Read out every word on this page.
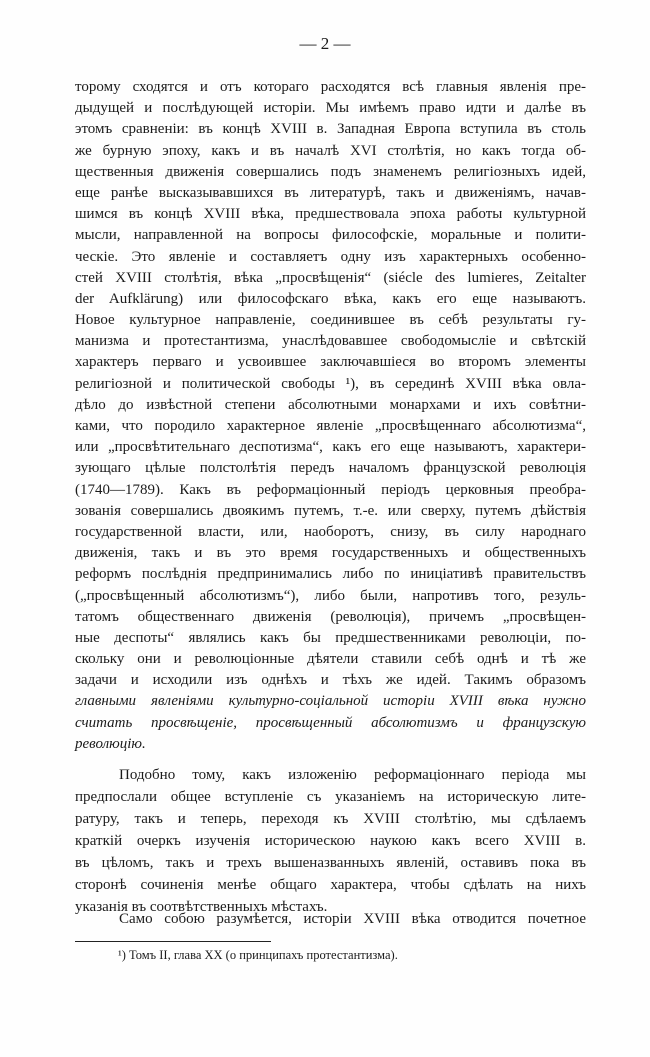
— 2 —
торому сходятся и отъ котораго расходятся всѣ главныя явленія пре-
дыдущей и послѣдующей исторіи. Мы имѣемъ право идти и далѣе въ
этомъ сравненіи: въ концѣ XVIII в. Западная Европа вступила въ столь
же бурную эпоху, какъ и въ началѣ XVI столѣтія, но какъ тогда об-
щественныя движенія совершались подъ знаменемъ религіозныхъ идей,
еще ранѣе высказывавшихся въ литературѣ, такъ и движеніямъ, начав-
шимся въ концѣ XVIII вѣка, предшествовала эпоха работы культурной
мысли, направленной на вопросы философскіе, моральные и полити-
ческіе. Это явленіе и составляетъ одну изъ характерныхъ особенно-
стей XVIII столѣтія, вѣка „просвѣщенія“ (siécle des lumieres, Zeitalter
der Aufklärung) или философскаго вѣка, какъ его еще называютъ.
Новое культурное направленіе, соединившее въ себѣ результаты гу-
манизма и протестантизма, унаслѣдовавшее свободомысліе и свѣтскій
характеръ перваго и усвоившее заключавшіеся во второмъ элементы
религіозной и политической свободы ¹), въ серединѣ XVIII вѣка овла-
дѣло до извѣстной степени абсолютными монархами и ихъ совѣтни-
ками, что породило характерное явленіе „просвѣщеннаго абсолютизма“,
или „просвѣтительнаго деспотизма“, какъ его еще называютъ, характери-
зующаго цѣлые полстолѣтія передъ началомъ французской революція
(1740—1789). Какъ въ реформаціонный періодъ церковныя преобра-
зованія совершались двоякимъ путемъ, т.-е. или сверху, путемъ дѣйствія
государственной власти, или, наоборотъ, снизу, въ силу народнаго
движенія, такъ и въ это время государственныхъ и общественныхъ
реформъ послѣднія предпринимались либо по иниціативѣ правительствъ
(„просвѣщенный абсолютизмъ“), либо были, напротивъ того, резуль-
татомъ общественнаго движенія (революція), причемъ „просвѣщен-
ные деспоты“ являлись какъ бы предшественниками революціи, по-
скольку они и революціонные дѣятели ставили себѣ однѣ и тѣ же
задачи и исходили изъ однѣхъ и тѣхъ же идей. Такимъ образомъ
главными явленіями культурно-соціальной исторіи XVIII вѣка нужно
считать просвѣщеніе, просвѣщенный абсолютизмъ и французскую
революцію.
Подобно тому, какъ изложенію реформаціоннаго періода мы
предпослали общее вступленіе съ указаніемъ на историческую лите-
ратуру, такъ и теперь, переходя къ XVIII столѣтію, мы сдѣлаемъ
краткій очеркъ изученія историческою наукою какъ всего XVIII в.
въ цѣломъ, такъ и трехъ вышеназванныхъ явленій, оставивъ пока въ
сторонѣ сочиненія менѣе общаго характера, чтобы сдѣлать на нихъ
указанія въ соотвѣтственныхъ мѣстахъ.
Само собою разумѣется, исторіи XVIII вѣка отводится почетное
¹) Томъ II, глава XX (о принципахъ протестантизма).
